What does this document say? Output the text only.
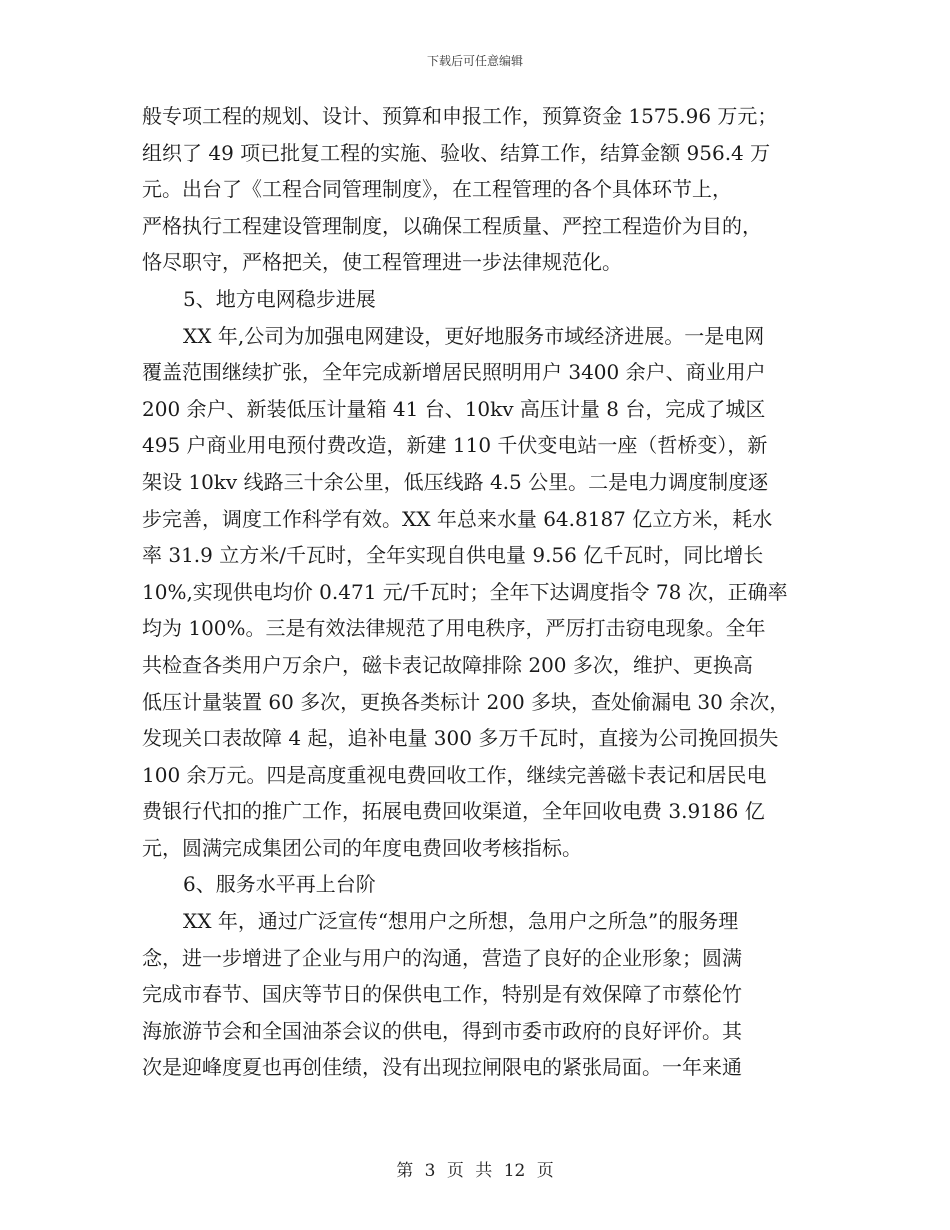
下载后可任意编辑
般专项工程的规划、设计、预算和申报工作，预算资金 1575.96 万元；
组织了 49 项已批复工程的实施、验收、结算工作，结算金额 956.4 万
元。出台了《工程合同管理制度》，在工程管理的各个具体环节上，
严格执行工程建设管理制度，以确保工程质量、严控工程造价为目的，
恪尽职守，严格把关，使工程管理进一步法律规范化。
5、地方电网稳步进展
XX 年,公司为加强电网建设，更好地服务市域经济进展。一是电网
覆盖范围继续扩张，全年完成新增居民照明用户 3400 余户、商业用户
200 余户、新装低压计量箱 41 台、10kv 高压计量 8 台，完成了城区
495 户商业用电预付费改造，新建 110 千伏变电站一座（哲桥变），新
架设 10kv 线路三十余公里，低压线路 4.5 公里。二是电力调度制度逐
步完善，调度工作科学有效。XX 年总来水量 64.8187 亿立方米，耗水
率 31.9 立方米/千瓦时，全年实现自供电量 9.56 亿千瓦时，同比增长
10%,实现供电均价 0.471 元/千瓦时；全年下达调度指令 78 次，正确率
均为 100%。三是有效法律规范了用电秩序，严厉打击窃电现象。全年
共检查各类用户万余户，磁卡表记故障排除 200 多次，维护、更换高
低压计量装置 60 多次，更换各类标计 200 多块，查处偷漏电 30 余次，
发现关口表故障 4 起，追补电量 300 多万千瓦时，直接为公司挽回损失
100 余万元。四是高度重视电费回收工作，继续完善磁卡表记和居民电
费银行代扣的推广工作，拓展电费回收渠道，全年回收电费 3.9186 亿
元，圆满完成集团公司的年度电费回收考核指标。
6、服务水平再上台阶
XX 年，通过广泛宣传“想用户之所想，急用户之所急”的服务理
念，进一步增进了企业与用户的沟通，营造了良好的企业形象；圆满
完成市春节、国庆等节日的保供电工作，特别是有效保障了市蔡伦竹
海旅游节会和全国油茶会议的供电，得到市委市政府的良好评价。其
次是迎峰度夏也再创佳绩，没有出现拉闸限电的紧张局面。一年来通
第 3 页 共 12 页
